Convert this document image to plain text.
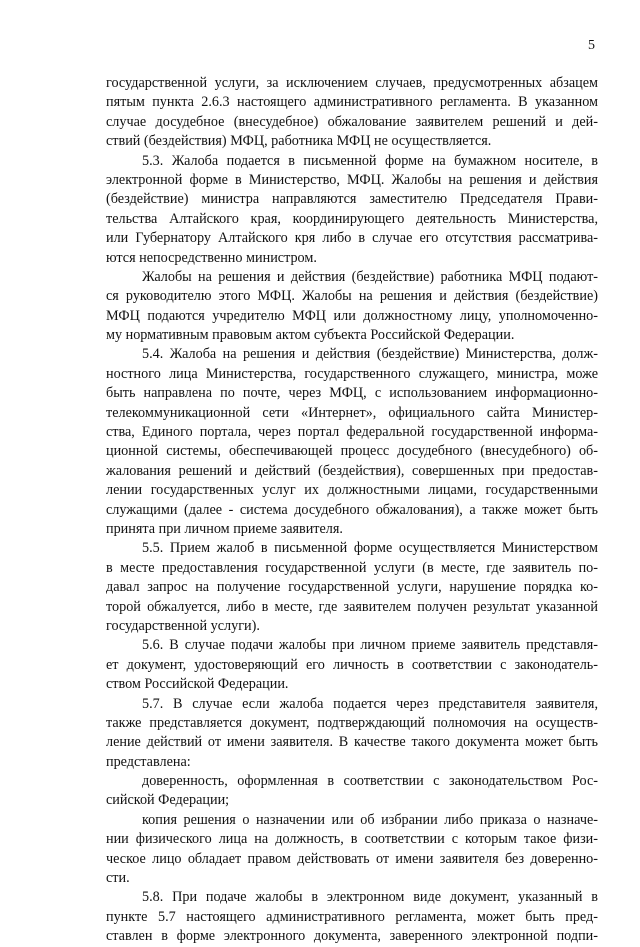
5
государственной услуги, за исключением случаев, предусмотренных абзацем
пятым пункта 2.6.3 настоящего административного регламента. В указанном
случае досудебное (внесудебное) обжалование заявителем решений и дей-
ствий (бездействия) МФЦ, работника МФЦ не осуществляется.
5.3. Жалоба подается в письменной форме на бумажном носителе, в
электронной форме в Министерство, МФЦ. Жалобы на решения и действия
(бездействие) министра направляются заместителю Председателя Прави-
тельства Алтайского края, координирующего деятельность Министерства,
или Губернатору Алтайского кря либо в случае его отсутствия рассматрива-
ются непосредственно министром.
Жалобы на решения и действия (бездействие) работника МФЦ подают-
ся руководителю этого МФЦ. Жалобы на решения и действия (бездействие)
МФЦ подаются учредителю МФЦ или должностному лицу, уполномоченно-
му нормативным правовым актом субъекта Российской Федерации.
5.4. Жалоба на решения и действия (бездействие) Министерства, долж-
ностного лица Министерства, государственного служащего, министра, може
быть направлена по почте, через МФЦ, с использованием информационно-
телекоммуникационной сети «Интернет», официального сайта Министер-
ства, Единого портала, через портал федеральной государственной информа-
ционной системы, обеспечивающей процесс досудебного (внесудебного) об-
жалования решений и действий (бездействия), совершенных при предостав-
лении государственных услуг их должностными лицами, государственными
служащими (далее - система досудебного обжалования), а также может быть
принята при личном приеме заявителя.
5.5. Прием жалоб в письменной форме осуществляется Министерством
в месте предоставления государственной услуги (в месте, где заявитель по-
давал запрос на получение государственной услуги, нарушение порядка ко-
торой обжалуется, либо в месте, где заявителем получен результат указанной
государственной услуги).
5.6. В случае подачи жалобы при личном приеме заявитель представля-
ет документ, удостоверяющий его личность в соответствии с законодатель-
ством Российской Федерации.
5.7. В случае если жалоба подается через представителя заявителя,
также представляется документ, подтверждающий полномочия на осуществ-
ление действий от имени заявителя. В качестве такого документа может быть
представлена:
доверенность, оформленная в соответствии с законодательством Рос-
сийской Федерации;
копия решения о назначении или об избрании либо приказа о назначе-
нии физического лица на должность, в соответствии с которым такое физи-
ческое лицо обладает правом действовать от имени заявителя без доверенно-
сти.
5.8. При подаче жалобы в электронном виде документ, указанный в
пункте 5.7 настоящего административного регламента, может быть пред-
ставлен в форме электронного документа, заверенного электронной подпи-
